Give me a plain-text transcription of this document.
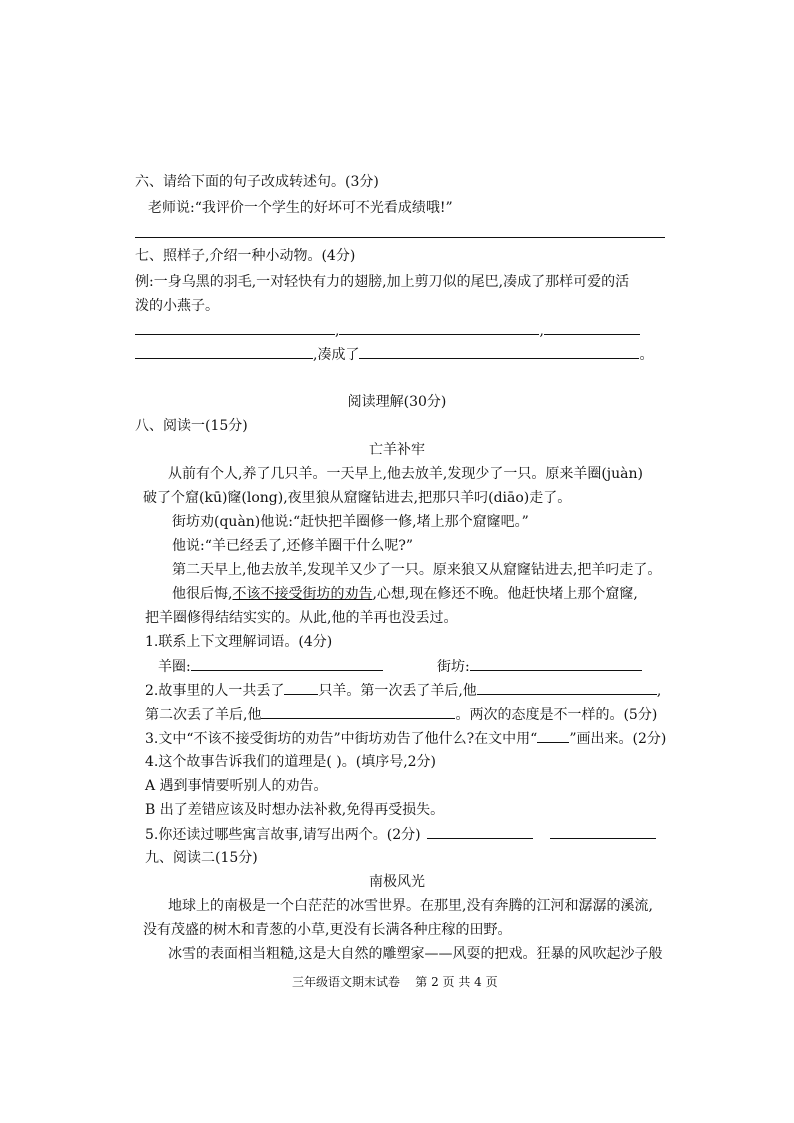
六、请给下面的句子改成转述句。(3分)
老师说:“我评价一个学生的好坏可不光看成绩哦!”
七、照样子,介绍一种小动物。(4分)
例:一身乌黑的羽毛,一对轻快有力的翅膀,加上剪刀似的尾巴,凑成了那样可爱的活
泼的小燕子。
,	,
,凑成了	。
阅读理解(30分)
八、阅读一(15分)
亡羊补牢
从前有个人,养了几只羊。一天早上,他去放羊,发现少了一只。原来羊圈(juàn)
破了个窟(kū)窿(long),夜里狼从窟窿钻进去,把那只羊叼(diāo)走了。
街坊劝(quàn)他说:“赶快把羊圈修一修,堵上那个窟窿吧。”
他说:“羊已经丢了,还修羊圈干什么呢?”
第二天早上,他去放羊,发现羊又少了一只。原来狼又从窟窿钻进去,把羊叼走了。
他很后悔,不该不接受街坊的劝告,心想,现在修还不晚。他赶快堵上那个窟窿,
把羊圈修得结结实实的。从此,他的羊再也没丢过。
1.联系上下文理解词语。(4分)
羊圈:	街坊:
2.故事里的人一共丢了 只羊。第一次丢了羊后,他	,
第二次丢了羊后,他	。两次的态度是不一样的。(5分)
3.文中“不该不接受街坊的劝告”中街坊劝告了他什么?在文中用“ ”画出来。(2分)
4.这个故事告诉我们的道理是( )。(填序号,2分)
A 遇到事情要听别人的劝告。
B 出了差错应该及时想办法补救,免得再受损失。
5.你还读过哪些寓言故事,请写出两个。(2分)
九、阅读二(15分)
南极风光
地球上的南极是一个白茫茫的冰雪世界。在那里,没有奔腾的江河和潺潺的溪流,
没有茂盛的树木和青葱的小草,更没有长满各种庄稼的田野。
冰雪的表面相当粗糙,这是大自然的雕塑家——风耍的把戏。狂暴的风吹起沙子般
三年级语文期末试卷    第 2 页 共 4 页
